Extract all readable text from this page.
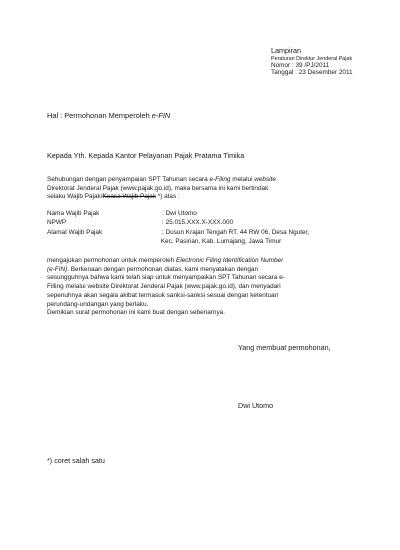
Lampiran
Peraturan Direktur Jenderal Pajak
Nomor : 39 /PJ/2011
Tanggal : 23 Desember 2011
Hal : Permohonan Memperoleh e-FIN
Kepada Yth. Kepada Kantor Pelayanan Pajak Pratama Timika
Sehubungan dengan penyampaian SPT Tahunan secara e-Filing melalui website
Direktorat Jenderal Pajak (www.pajak.go.id), maka bersama ini kami bertindak
selaku Wajib Pajak/Kuasa Wajib Pajak *) atas :
Nama Wajib Pajak	: Dwi Utomo
NPWP	: 25.015.XXX.X-XXX.000
Alamat Wajib Pajak	: Dusun Krajan Tengah RT. 44 RW 06, Desa Nguter,
Kec. Pasirian, Kab. Lumajang, Jawa Timur
mengajukan permohonan untuk memperoleh Electronic Filing Identification Number
(e-FIN). Berkenaan dengan permohonan diatas, kami menyatakan dengan
sesungguhnya bahwa kami telah siap untuk menyampaikan SPT Tahunan secara e-
Filling melalui website Direktorat Jenderal Pajak (www.pajak.go.id), dan menyadari
sepenuhnya akan segala akibat termasuk sanksi-sanksi sesuai dengan ketentuan
perundang-undangan yang berlaku.
Demikian surat permohonan ini kami buat dengan sebenarnya.
Yang membuat permohonan,
Dwi Utomo
*) coret salah satu
